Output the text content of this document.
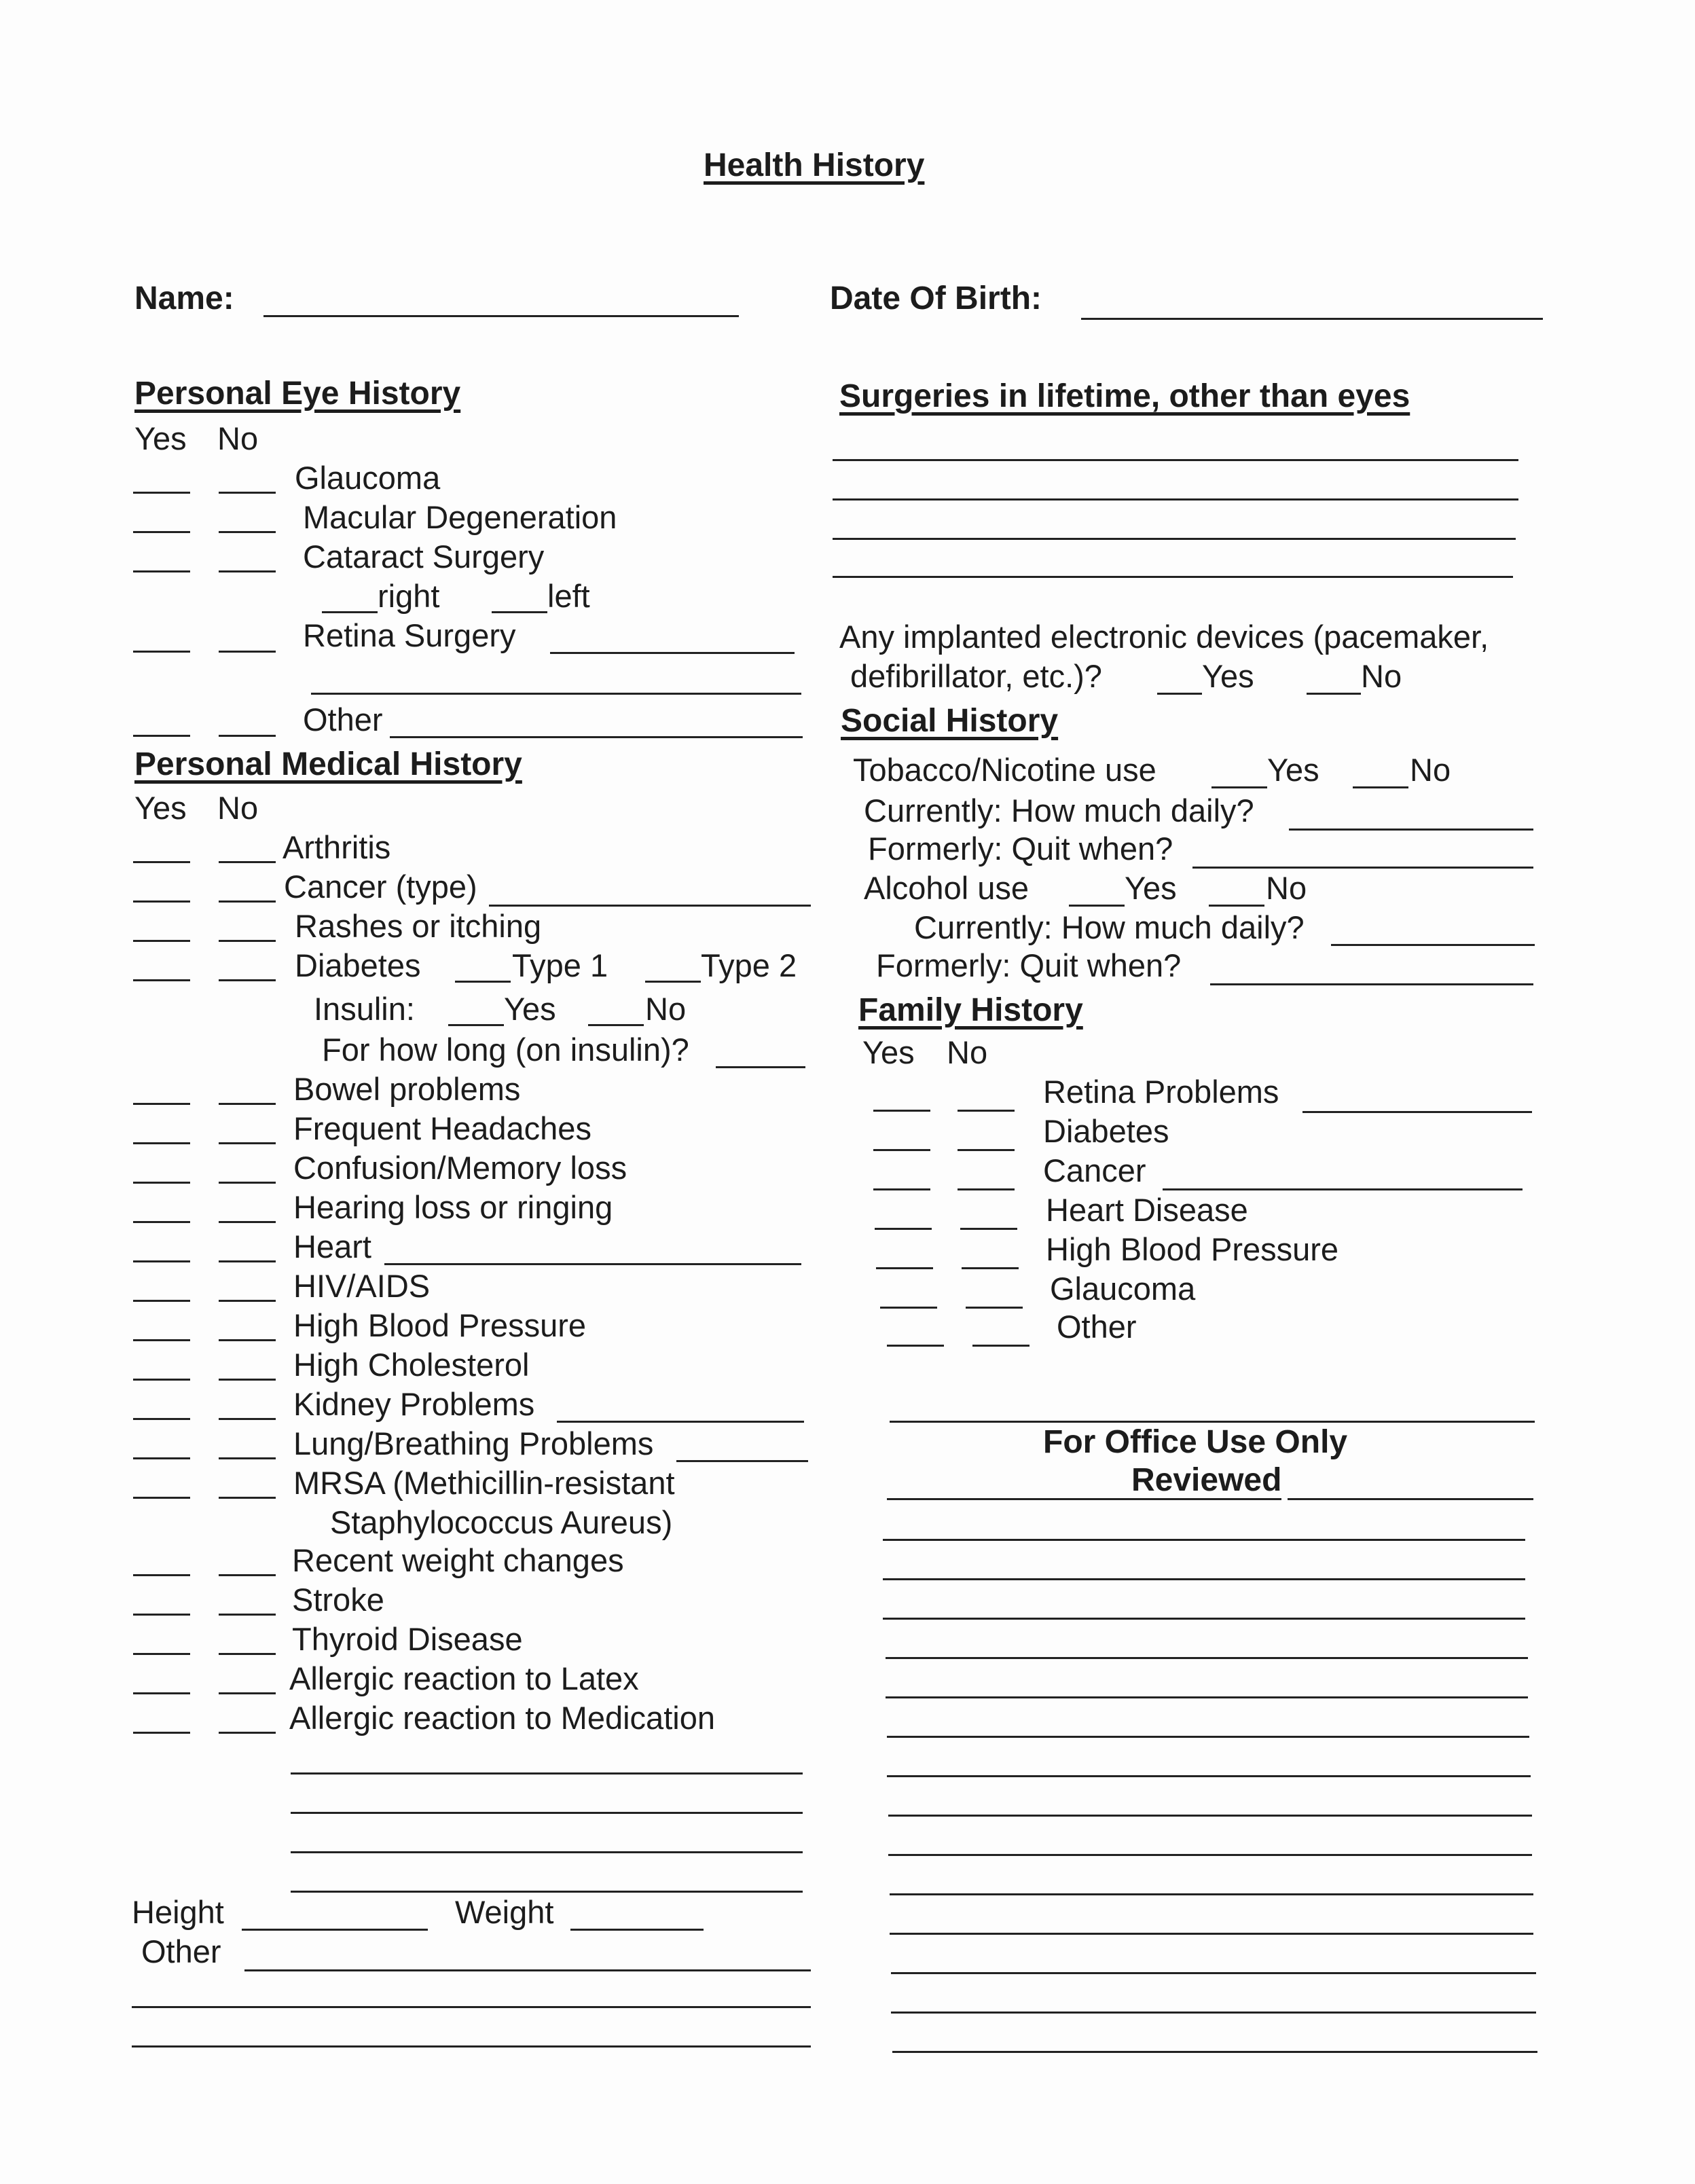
Health History
Name:	Date Of Birth:
Personal Eye History
Yes No
Glaucoma
Macular Degeneration
Cataract Surgery
right	left
Retina Surgery
Other
Personal Medical History
Yes No
Arthritis
Cancer (type)
Rashes or itching
Diabetes	Type 1	Type 2
Insulin:	Yes	No
For how long (on insulin)?
Bowel problems
Frequent Headaches
Confusion/Memory loss
Hearing loss or ringing
Heart
HIV/AIDS
High Blood Pressure
High Cholesterol
Kidney Problems
Lung/Breathing Problems
MRSA (Methicillin-resistant
Staphylococcus Aureus)
Recent weight changes
Stroke
Thyroid Disease
Allergic reaction to Latex
Allergic reaction to Medication
Height	Weight
Other
Surgeries in lifetime, other than eyes
Any implanted electronic devices (pacemaker,
defibrillator, etc.)?	Yes	No
Social History
Tobacco/Nicotine use	Yes	No
Currently: How much daily?
Formerly: Quit when?
Alcohol use	Yes	No
Currently: How much daily?
Formerly: Quit when?
Family History
Yes No
Retina Problems
Diabetes
Cancer
Heart Disease
High Blood Pressure
Glaucoma
Other
For Office Use Only
Reviewed
